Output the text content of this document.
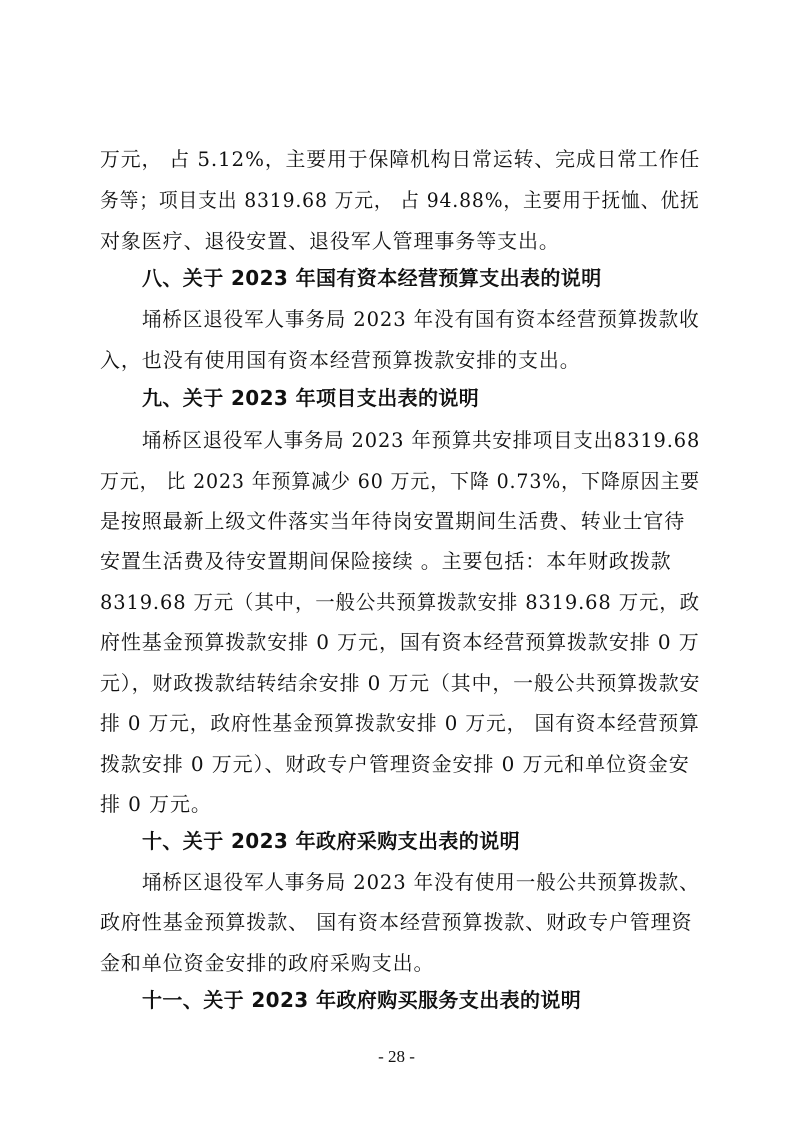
万元， 占 5.12%，主要用于保障机构日常运转、完成日常工作任
务等；项目支出 8319.68 万元， 占 94.88%，主要用于抚恤、优抚
对象医疗、退役安置、退役军人管理事务等支出。
八、关于 2023 年国有资本经营预算支出表的说明
埇桥区退役军人事务局 2023 年没有国有资本经营预算拨款收
入，也没有使用国有资本经营预算拨款安排的支出。
九、关于 2023 年项目支出表的说明
埇桥区退役军人事务局 2023 年预算共安排项目支出8319.68
万元， 比 2023 年预算减少 60 万元，下降 0.73%，下降原因主要
是按照最新上级文件落实当年待岗安置期间生活费、转业士官待
安置生活费及待安置期间保险接续 。主要包括：本年财政拨款
8319.68 万元（其中，一般公共预算拨款安排 8319.68 万元，政
府性基金预算拨款安排 0 万元，国有资本经营预算拨款安排 0 万
元），财政拨款结转结余安排 0 万元（其中，一般公共预算拨款安
排 0 万元，政府性基金预算拨款安排 0 万元， 国有资本经营预算
拨款安排 0 万元）、财政专户管理资金安排 0 万元和单位资金安
排 0 万元。
十、关于 2023 年政府采购支出表的说明
埇桥区退役军人事务局 2023 年没有使用一般公共预算拨款、
政府性基金预算拨款、 国有资本经营预算拨款、财政专户管理资
金和单位资金安排的政府采购支出。
十一、关于 2023 年政府购买服务支出表的说明
- 28 -
